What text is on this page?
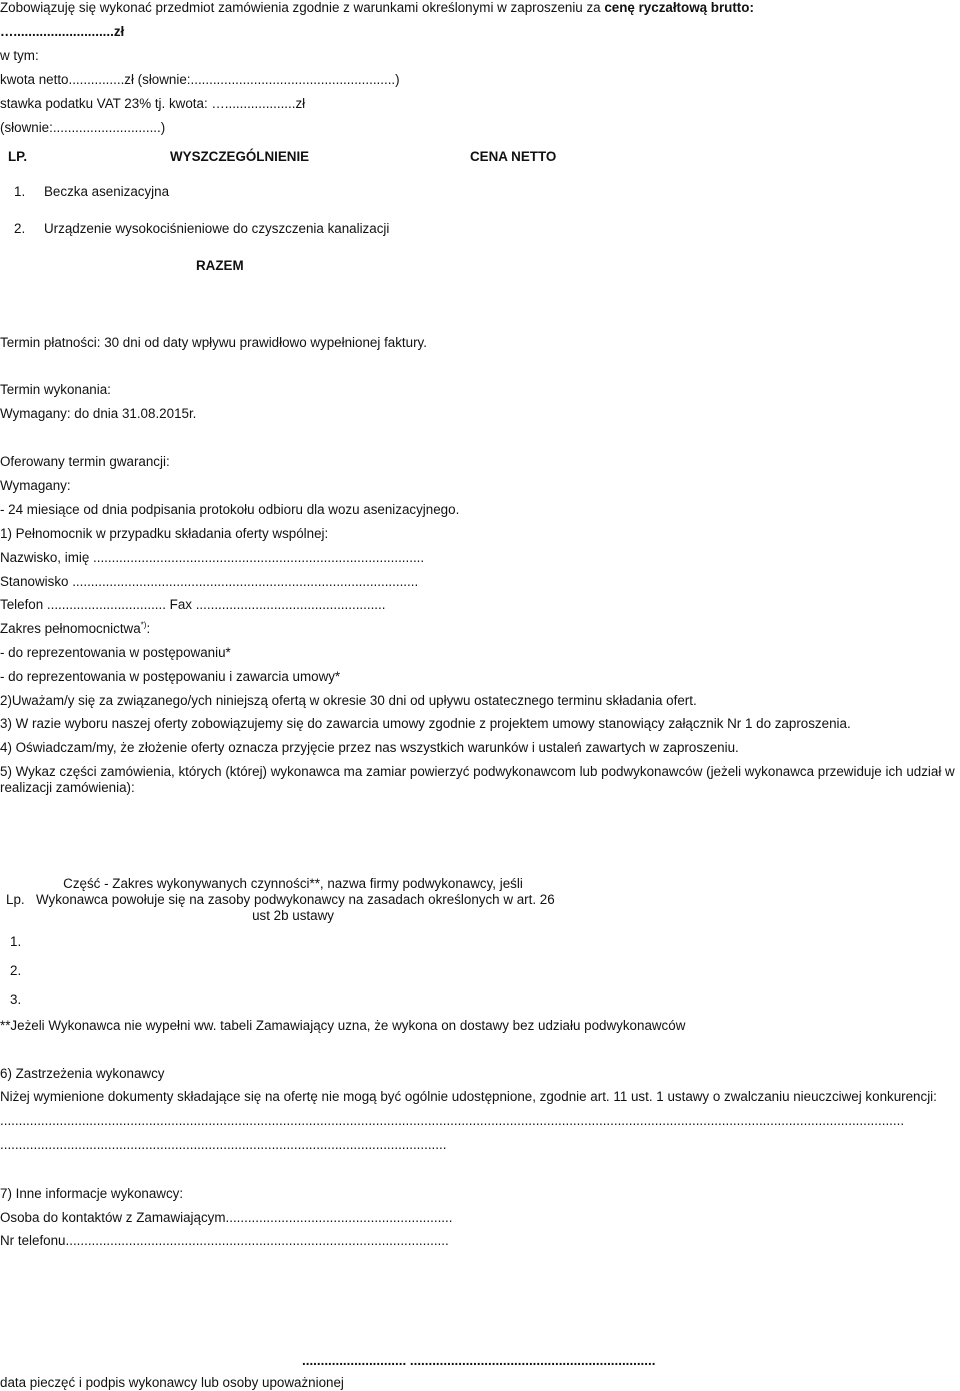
Zobowiązuję się wykonać przedmiot zamówienia zgodnie z warunkami określonymi w zaproszeniu za cenę ryczałtową brutto:
…...........................zł
w tym:
kwota netto...............zł (słownie:.......................................................)
stawka podatku VAT 23% tj. kwota: …...................zł
(słownie:.............................)
LP.	WYSZCZEGÓLNIENIE	CENA NETTO
1. Beczka asenizacyjna
2. Urządzenie wysokociśnieniowe do czyszczenia kanalizacji
RAZEM
Termin płatności: 30 dni od daty wpływu prawidłowo wypełnionej faktury.
Termin wykonania:
Wymagany: do dnia 31.08.2015r.
Oferowany termin gwarancji:
Wymagany:
- 24 miesiące od dnia podpisania protokołu odbioru dla wozu asenizacyjnego.
1) Pełnomocnik w przypadku składania oferty wspólnej:
Nazwisko, imię .........................................................................................
Stanowisko .............................................................................................
Telefon ................................ Fax ...................................................
Zakres pełnomocnictwa*):
- do reprezentowania w postępowaniu*
- do reprezentowania w postępowaniu i zawarcia umowy*
2)Uważam/y się za związanego/ych niniejszą ofertą w okresie 30 dni od upływu ostatecznego terminu składania ofert.
3) W razie wyboru naszej oferty zobowiązujemy się do zawarcia umowy zgodnie z projektem umowy stanowiący załącznik Nr 1 do zaproszenia.
4) Oświadczam/my, że złożenie oferty oznacza przyjęcie przez nas wszystkich warunków i ustaleń zawartych w zaproszeniu.
5) Wykaz części zamówienia, których (której) wykonawca ma zamiar powierzyć podwykonawcom lub podwykonawców (jeżeli wykonawca przewiduje ich udział w
realizacji zamówienia):
Część - Zakres wykonywanych czynności**, nazwa firmy podwykonawcy, jeśli
Lp. Wykonawca powołuje się na zasoby podwykonawcy na zasadach określonych w art. 26
ust 2b ustawy
1.
2.
3.
**Jeżeli Wykonawca nie wypełni ww. tabeli Zamawiający uzna, że wykona on dostawy bez udziału podwykonawców
6) Zastrzeżenia wykonawcy
Niżej wymienione dokumenty składające się na ofertę nie mogą być ogólnie udostępnione, zgodnie art. 11 ust. 1 ustawy o zwalczaniu nieuczciwej konkurencji:
...................................................................................................................................................................................................................................................
........................................................................................................................
7) Inne informacje wykonawcy:
Osoba do kontaktów z Zamawiającym.............................................................
Nr telefonu.......................................................................................................
............................ ..................................................................
data pieczęć i podpis wykonawcy lub osoby upoważnionej
